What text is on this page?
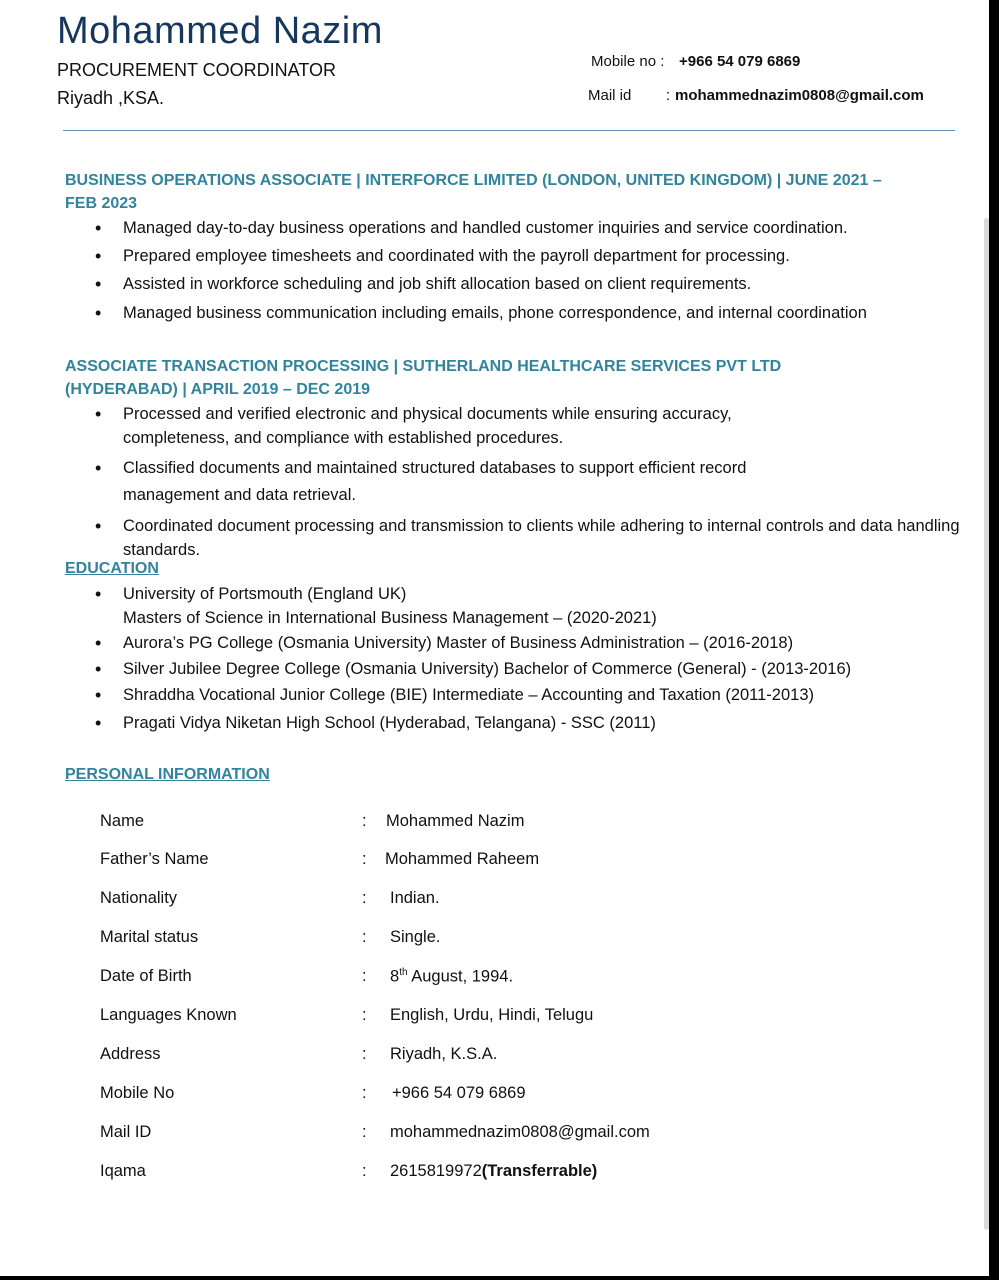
Mohammed Nazim
PROCUREMENT COORDINATOR
Riyadh ,KSA.
Mobile no : +966 54 079 6869
Mail id : mohammednazim0808@gmail.com
BUSINESS OPERATIONS ASSOCIATE | INTERFORCE LIMITED (LONDON, UNITED KINGDOM) | JUNE 2021 –
FEB 2023
• Managed day-to-day business operations and handled customer inquiries and service coordination.
• Prepared employee timesheets and coordinated with the payroll department for processing.
• Assisted in workforce scheduling and job shift allocation based on client requirements.
• Managed business communication including emails, phone correspondence, and internal coordination
ASSOCIATE TRANSACTION PROCESSING | SUTHERLAND HEALTHCARE SERVICES PVT LTD
(HYDERABAD) | APRIL 2019 – DEC 2019
• Processed and verified electronic and physical documents while ensuring accuracy, completeness, and compliance with established procedures.
• Classified documents and maintained structured databases to support efficient record management and data retrieval.
• Coordinated document processing and transmission to clients while adhering to internal controls and data handling standards.
EDUCATION
• University of Portsmouth (England UK)
Masters of Science in International Business Management – (2020-2021)
• Aurora’s PG College (Osmania University) Master of Business Administration – (2016-2018)
• Silver Jubilee Degree College (Osmania University) Bachelor of Commerce (General) - (2013-2016)
• Shraddha Vocational Junior College (BIE) Intermediate – Accounting and Taxation (2011-2013)
• Pragati Vidya Niketan High School (Hyderabad, Telangana) - SSC (2011)
PERSONAL INFORMATION
Name	: Mohammed Nazim
Father’s Name	: Mohammed Raheem
Nationality	: Indian.
Marital status	: Single.
Date of Birth	: 8th August, 1994.
Languages Known	: English, Urdu, Hindi, Telugu
Address	: Riyadh, K.S.A.
Mobile No	: +966 54 079 6869
Mail ID	: mohammednazim0808@gmail.com
Iqama	: 2615819972(Transferrable)
